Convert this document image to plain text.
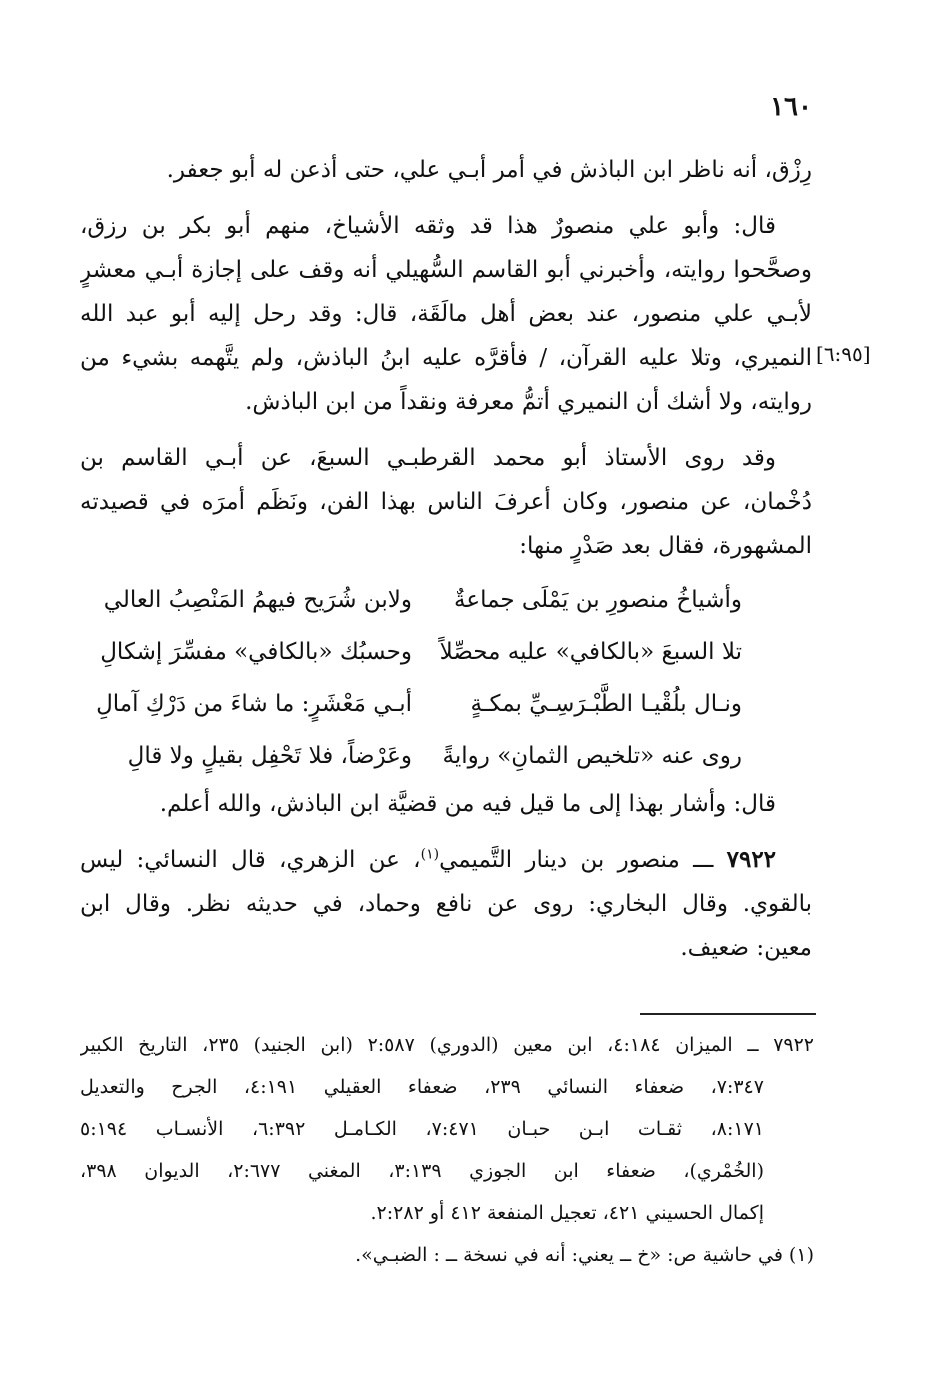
١٦٠
[٦:٩٥]
رِزْق، أنه ناظر ابن الباذش في أمر أبـي علي، حتى أذعن له أبو جعفر.
قال: وأبو علي منصورٌ هذا قد وثقه الأشياخ، منهم أبو بكر بن رزق،
وصحَّحوا روايته، وأخبرني أبو القاسم السُّهيلي أنه وقف على إجازة أبـي معشرٍ
لأبـي علي منصور، عند بعض أهل مالَقَة، قال: وقد رحل إليه أبو عبد الله
النميري، وتلا عليه القرآن، / فأقرَّه عليه ابنُ الباذش، ولم يتَّهمه بشيء من
روايته، ولا أشك أن النميري أتمُّ معرفة ونقداً من ابن الباذش.
وقد روى الأستاذ أبو محمد القرطبـي السبعَ، عن أبـي القاسم بن
دُخْمان، عن منصور، وكان أعرفَ الناس بهذا الفن، ونَظَم أمرَه في قصيدته
المشهورة، فقال بعد صَدْرٍ منها:
وأشياخُ منصورِ بن يَمْلَى جماعةٌ
ولابن شُرَيح فيهمُ المَنْصِبُ العالي
تلا السبعَ «بالكافي» عليه محصِّلاً
وحسبُك «بالكافي» مفسِّرَ إشكالِ
ونـال بلُقْيـا الطَّبْـرَسِـيِّ بمكـةٍ
أبـي مَعْشَرٍ: ما شاءَ من دَرْكِ آمالِ
روى عنه «تلخيص الثمانِ» روايةً
وعَرْضاً، فلا تَحْفِل بقيلٍ ولا قالِ
قال: وأشار بهذا إلى ما قيل فيه من قضيَّة ابن الباذش، والله أعلم.
٧٩٢٢ ـــ منصور بن دينار التَّميمي$^{(١)}$، عن الزهري، قال النسائي: ليس
بالقوي. وقال البخاري: روى عن نافع وحماد، في حديثه نظر. وقال ابن
معين: ضعيف.
٧٩٢٢ ــ الميزان ٤:١٨٤، ابن معين (الدوري) ٢:٥٨٧ (ابن الجنيد) ٢٣٥، التاريخ الكبير
٧:٣٤٧، ضعفاء النسائي ٢٣٩، ضعفاء العقيلي ٤:١٩١، الجرح والتعديل
٨:١٧١، ثقـات ابـن حبـان ٧:٤٧١، الكـامـل ٦:٣٩٢، الأنسـاب ٥:١٩٤
(الخُمْري)، ضعفاء ابن الجوزي ٣:١٣٩، المغني ٢:٦٧٧، الديوان ٣٩٨،
إكمال الحسيني ٤٢١، تعجيل المنفعة ٤١٢ أو ٢:٢٨٢.
(١) في حاشية ص: «خ ــ يعني: أنه في نسخة ــ : الضبـي».
